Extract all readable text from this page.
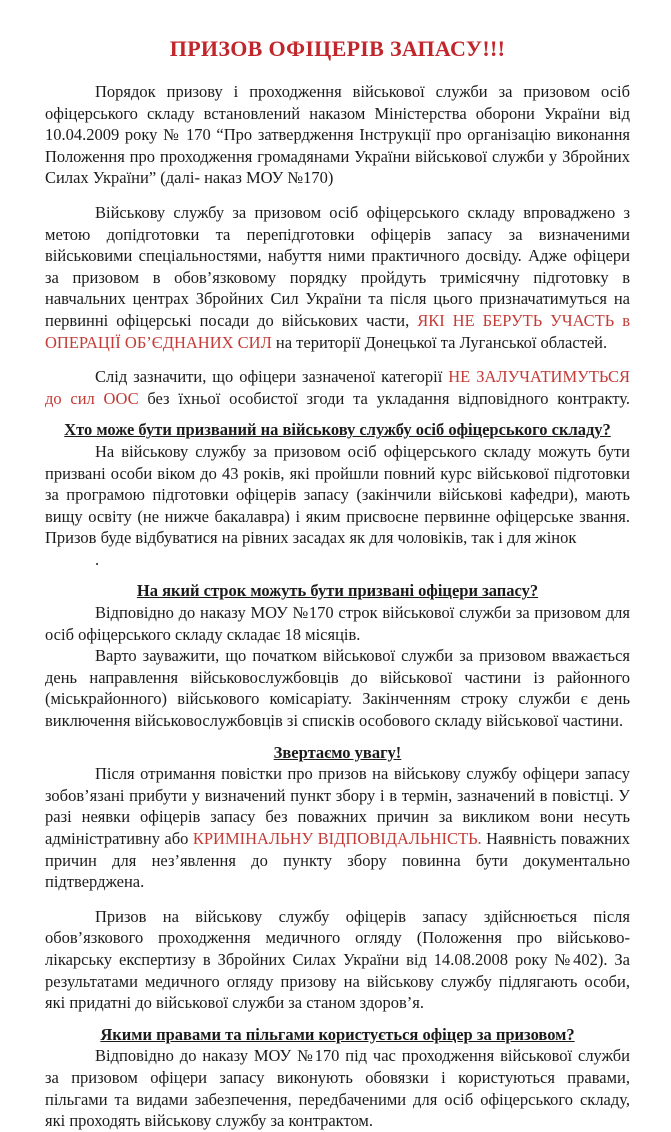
ПРИЗОВ ОФІЦЕРІВ ЗАПАСУ!!!

Порядок призову і проходження військової служби за призовом осіб офіцерського складу встановлений наказом Міністерства оборони України від 10.04.2009 року № 170 “Про затвердження Інструкції про організацію виконання Положення про проходження громадянами України військової служби у Збройних Силах України” (далі- наказ МОУ №170)

Військову службу за призовом осіб офіцерського складу впроваджено з метою допідготовки та перепідготовки офіцерів запасу за визначеними військовими спеціальностями, набуття ними практичного досвіду. Адже офіцери за призовом в обов’язковому порядку пройдуть тримісячну підготовку в навчальних центрах Збройних Сил України та після цього призначатимуться на первинні офіцерські посади до військових части, ЯКІ НЕ БЕРУТЬ УЧАСТЬ в ОПЕРАЦІЇ ОБ’ЄДНАНИХ СИЛ на території Донецької та Луганської областей.

Слід зазначити, що офіцери зазначеної категорії НЕ ЗАЛУЧАТИМУТЬСЯ до сил ООС без їхньої особистої згоди та укладання відповідного контракту.

Хто може бути призваний на військову службу осіб офіцерського складу?

На військову службу за призовом осіб офіцерського складу можуть бути призвані особи віком до 43 років, які пройшли повний курс військової підготовки за програмою підготовки офіцерів запасу (закінчили військові кафедри), мають вищу освіту (не нижче бакалавра) і яким присвоєне первинне офіцерське звання. Призов буде відбуватися на рівних засадах як для чоловіків, так і для жінок

.

На який строк можуть бути призвані офіцери запасу?

Відповідно до наказу МОУ №170 строк військової служби за призовом для осіб офіцерського складу складає 18 місяців.

Варто зауважити, що початком військової служби за призовом вважається день направлення військовослужбовців до військової частини із районного (міськрайонного) військового комісаріату. Закінченням строку служби є день виключення військовослужбовців зі списків особового складу військової частини.

Звертаємо увагу!

Після отримання повістки про призов на військову службу офіцери запасу зобов’язані прибути у визначений пункт збору і в термін, зазначений в повістці. У разі неявки офіцерів запасу без поважних причин за викликом вони несуть адміністративну або КРИМІНАЛЬНУ ВІДПОВІДАЛЬНІСТЬ. Наявність поважних причин для нез’явлення до пункту збору повинна бути документально підтверджена.

Призов на військову службу офіцерів запасу здійснюється після обов’язкового проходження медичного огляду (Положення про військово-лікарську експертизу в Збройних Силах України від 14.08.2008 року №402). За результатами медичного огляду призову на військову службу підлягають особи, які придатні до військової служби за станом здоров’я.

Якими правами та пільгами користується офіцер за призовом?

Відповідно до наказу МОУ №170 під час проходження військової служби за призовом офіцери запасу виконують обовязки і користуються правами, пільгами та видами забезпечення, передбаченими для осіб офіцерського складу, які проходять військову службу за контрактом.
